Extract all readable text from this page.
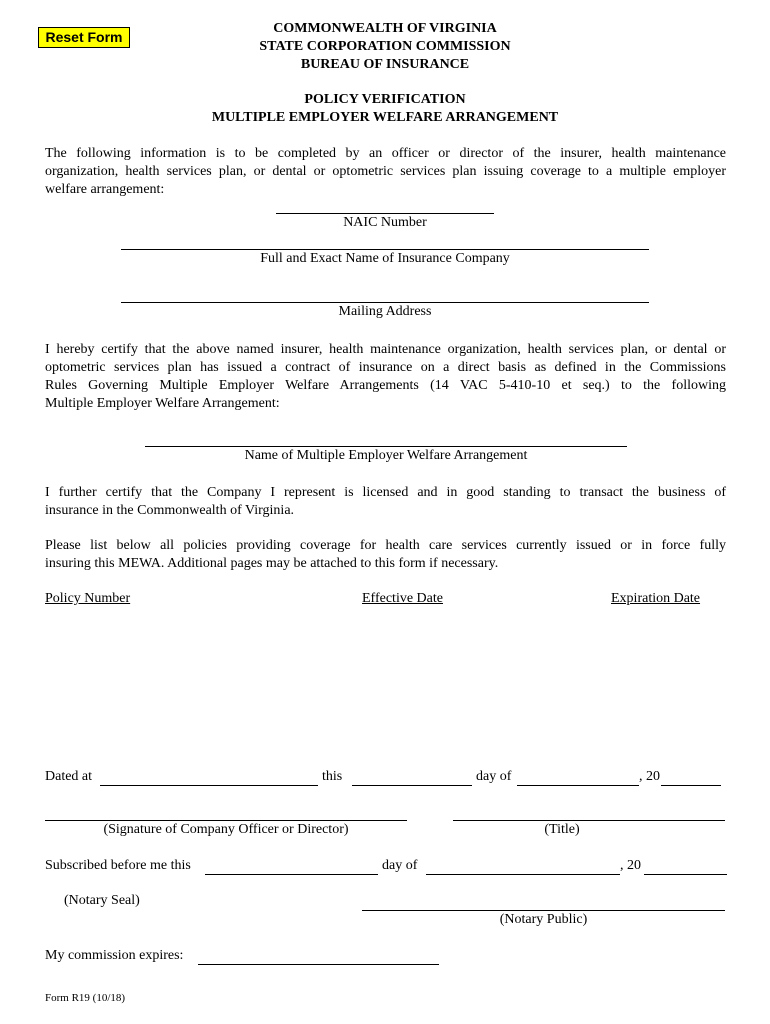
Reset Form
COMMONWEALTH OF VIRGINIA
STATE CORPORATION COMMISSION
BUREAU OF INSURANCE
POLICY VERIFICATION
MULTIPLE EMPLOYER WELFARE ARRANGEMENT
The following information is to be completed by an officer or director of the insurer, health maintenance
organization, health services plan, or dental or optometric services plan issuing coverage to a multiple employer
welfare arrangement:
NAIC Number
Full and Exact Name of Insurance Company
Mailing Address
I hereby certify that the above named insurer, health maintenance organization, health services plan, or dental or
optometric services plan has issued a contract of insurance on a direct basis as defined in the Commissions
Rules Governing Multiple Employer Welfare Arrangements (14 VAC 5-410-10 et seq.) to the following
Multiple Employer Welfare Arrangement:
Name of Multiple Employer Welfare Arrangement
I further certify that the Company I represent is licensed and in good standing to transact the business of
insurance in the Commonwealth of Virginia.
Please list below all policies providing coverage for health care services currently issued or in force fully
insuring this MEWA. Additional pages may be attached to this form if necessary.
Policy Number	Effective Date	Expiration Date
Dated at	this	day of	, 20
(Signature of Company Officer or Director)	(Title)
Subscribed before me this	day of	, 20
(Notary Seal)
(Notary Public)
My commission expires:
Form R19 (10/18)
